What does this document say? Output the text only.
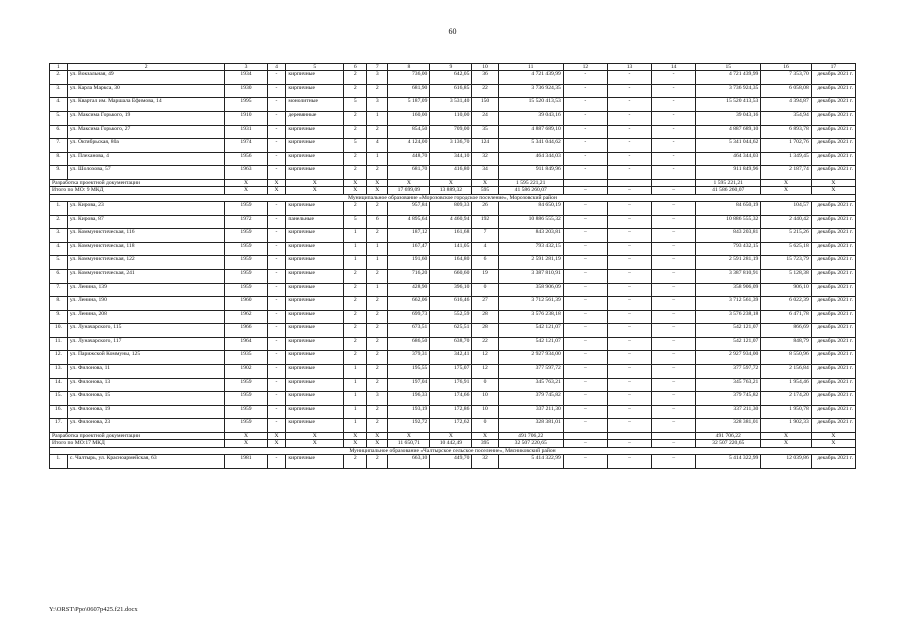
60
1	2	3	4	5	6	7	8	9	10	11	12	13	14	15	16	17
2.	ул. Вокзальная, 49	1934	-	кирпичные	2	3	736,00	642,05	36	4 721 439,99	-	-	-	4 721 439,99	7 353,70	декабрь 2021 г.
3.	ул. Карла Маркса, 30	1930	-	кирпичные	2	2	681,90	616,85	22	3 736 924,35	-	-	-	3 736 924,35	6 058,08	декабрь 2021 г.
4.	ул. Квартал им. Маршала Ефимова, 14	1995	-	монолитные	5	3	5 187,09	3 531,40	150	15 520 413,53	-	-	-	15 520 413,53	4 394,87	декабрь 2021 г.
5.	ул. Максима Горького, 19	1910	-	деревянные	2	1	160,00	110,00	24	39 043,16	-	-	-	39 043,16	354,94	декабрь 2021 г.
6.	ул. Максима Горького, 27	1931	-	кирпичные	2	2	854,50	709,00	35	4 887 689,10	-	-	-	4 887 689,10	6 893,78	декабрь 2021 г.
7.	ул. Октябрьская, 80а	1974	-	кирпичные	5	4	4 124,00	3 136,70	124	5 341 044,62	-	-	-	5 341 044,62	1 702,76	декабрь 2021 г.
8.	ул. Плеханова, 4	1956	-	кирпичные	2	1	448,70	344,10	32	464 344,03	-	-	-	464 344,03	1 349,45	декабрь 2021 г.
9.	ул. Шолохова, 57	1963	-	кирпичные	2	2	681,70	416,80	34	911 849,96	-	-	-	911 849,96	2 187,74	декабрь 2021 г.
Разработка проектной документации		X	X	X	X	X	X	X	X	1 595 221,21				1 595 221,21	X	X
Итого по МО: 9 МКД		X	X	X	X	X	17 699,09	13 889,32	595	41 586 260,07	–	–	–	41 586 260,07	X	X
Муниципальное образование «Морозовское городское поселение», Морозовский район																
1.	ул. Кирова, 23	1959	-	кирпичные	2	2	957,84	809,33	26	84 650,19	–	–	–	84 650,19	104,57	декабрь 2021 г.
2.	ул. Кирова, 87	1972	-	панельные	5	6	4 895,64	4 460,94	192	10 886 555,32	–	–	–	10 886 555,32	2 440,42	декабрь 2021 г.
3.	ул. Коммунистическая, 116	1959	-	кирпичные	1	2	187,12	161,68	7	843 203,81	–	–	–	843 203,81	5 215,26	декабрь 2021 г.
4.	ул. Коммунистическая, 118	1959	-	кирпичные	1	1	167,47	141,05	4	793 432,15	–	–	–	793 432,15	5 625,18	декабрь 2021 г.
5.	ул. Коммунистическая, 122	1959	-	кирпичные	1	1	191,60	164,80	6	2 591 281,19	–	–	–	2 591 281,19	15 723,79	декабрь 2021 г.
6.	ул. Коммунистическая, 241	1959	-	кирпичные	2	2	716,20	660,60	19	3 387 810,91	–	–	–	3 387 810,91	5 128,38	декабрь 2021 г.
7.	ул. Ленина, 139	1959	-	кирпичные	2	1	428,90	396,10	0	358 906,09	–	–	–	358 906,09	906,10	декабрь 2021 г.
8.	ул. Ленина, 190	1960	-	кирпичные	2	2	662,06	616,46	27	3 712 561,39	–	–	–	3 712 561,39	6 022,39	декабрь 2021 г.
9.	ул. Ленина, 208	1962	-	кирпичные	2	2	699,73	552,59	28	3 576 238,18	–	–	–	3 576 238,18	6 471,78	декабрь 2021 г.
10.	ул. Луначарского, 115	1966	-	кирпичные	2	2	673,51	625,51	28	542 121,07	–	–	–	542 121,07	866,69	декабрь 2021 г.
11.	ул. Луначарского, 117	1964	-	кирпичные	2	2	686,50	638,70	22	542 121,07	–	–	–	542 121,07	848,79	декабрь 2021 г.
12.	ул. Парижской Коммуны, 125	1935	-	кирпичные	2	2	379,31	342,41	12	2 927 934,00	–	–	–	2 927 934,00	8 550,96	декабрь 2021 г.
13.	ул. Филонова, 11	1902	-	кирпичные	1	2	195,55	175,07	12	377 597,72	–	–	–	377 597,72	2 156,84	декабрь 2021 г.
14.	ул. Филонова, 13	1959	-	кирпичные	1	2	197,04	176,91	0	345 763,21	–	–	–	345 763,21	1 954,46	декабрь 2021 г.
15.	ул. Филонова, 15	1959	-	кирпичные	1	3	196,33	174,66	10	379 745,82	–	–	–	379 745,82	2 174,20	декабрь 2021 г.
16.	ул. Филонова, 19	1959	-	кирпичные	1	2	193,19	172,86	10	337 211,30	–	–	–	337 211,30	1 950,78	декабрь 2021 г.
17.	ул. Филонова, 23	1959	-	кирпичные	1	2	192,72	172,62	0	328 381,01	–	–	–	328 381,01	1 902,33	декабрь 2021 г.
Разработка проектной документации		X	X	X	X	X	X	X	X	491 706,22				491 706,22	X	X
Итого по МО:17 МКД		X	X	X	X	X	11 650,71	10 442,49	395	32 507 220,65	–	–	–	32 507 220,65	X	X
Муниципальное образование «Чалтырское сельское поселение», Мясниковский район																
1.	с. Чалтырь, ул. Красноармейская, 63	1981	-	кирпичные	2	2	663,10	449,70	32	5 414 322,99	–	–	–	5 414 322,99	12 039,86	декабрь 2021 г.
Y:\ORST\Ppo\0607p425.f21.docx
